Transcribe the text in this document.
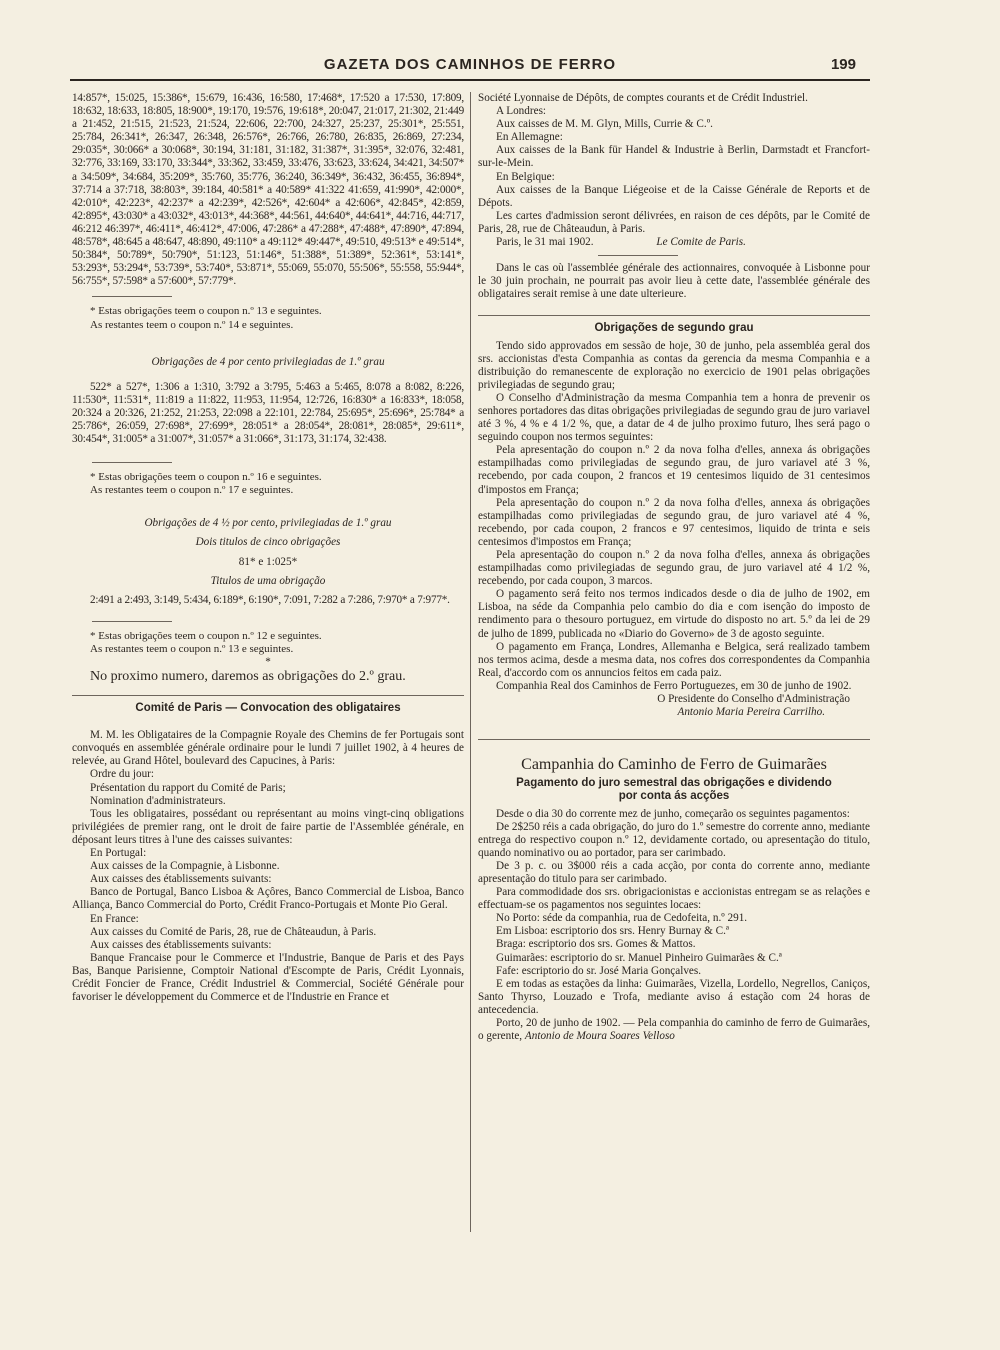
GAZETA DOS CAMINHOS DE FERRO	199

14:857*, 15:025, 15:386*, 15:679, 16:436, 16:580, 17:468*, 17:520 a 17:530, 17:809, 18:632, 18:633, 18:805, 18:900*, 19:170, 19:576, 19:618*, 20:047, 21:017, 21:302, 21:449 a 21:452, 21:515, 21:523, 21:524, 22:606, 22:700, 24:327, 25:237, 25:301*, 25:551, 25:784, 26:341*, 26:347, 26:348, 26:576*, 26:766, 26:780, 26:835, 26:869, 27:234, 29:035*, 30:066* a 30:068*, 30:194, 31:181, 31:182, 31:387*, 31:395*, 32:076, 32:481, 32:776, 33:169, 33:170, 33:344*, 33:362, 33:459, 33:476, 33:623, 33:624, 34:421, 34:507* a 34:509*, 34:684, 35:209*, 35:760, 35:776, 36:240, 36:349*, 36:432, 36:455, 36:894*, 37:714 a 37:718, 38:803*, 39:184, 40:581* a 40:589* 41:322 41:659, 41:990*, 42:000*, 42:010*, 42:223*, 42:237* a 42:239*, 42:526*, 42:604* a 42:606*, 42:845*, 42:859, 42:895*, 43:030* a 43:032*, 43:013*, 44:368*, 44:561, 44:640*, 44:641*, 44:716, 44:717, 46:212 46:397*, 46:411*, 46:412*, 47:006, 47:286* a 47:288*, 47:488*, 47:890*, 47:894, 48:578*, 48:645 a 48:647, 48:890, 49:110* a 49:112* 49:447*, 49:510, 49:513* e 49:514*, 50:384*, 50:789*, 50:790*, 51:123, 51:146*, 51:388*, 51:389*, 52:361*, 53:141*, 53:293*, 53:294*, 53:739*, 53:740*, 53:871*, 55:069, 55:070, 55:506*, 55:558, 55:944*, 56:755*, 57:598* a 57:600*, 57:779*.

* Estas obrigações teem o coupon n.º 13 e seguintes.

As restantes teem o coupon n.º 14 e seguintes.

Obrigações de 4 por cento privilegiadas de 1.º grau

522* a 527*, 1:306 a 1:310, 3:792 a 3:795, 5:463 a 5:465, 8:078 a 8:082, 8:226, 11:530*, 11:531*, 11:819 a 11:822, 11:953, 11:954, 12:726, 16:830* a 16:833*, 18:058, 20:324 a 20:326, 21:252, 21:253, 22:098 a 22:101, 22:784, 25:695*, 25:696*, 25:784* a 25:786*, 26:059, 27:698*, 27:699*, 28:051* a 28:054*, 28:081*, 28:085*, 29:611*, 30:454*, 31:005* a 31:007*, 31:057* a 31:066*, 31:173, 31:174, 32:438.

* Estas obrigações teem o coupon n.º 16 e seguintes.

As restantes teem o coupon n.º 17 e seguintes.

Obrigações de 4 ½ por cento, privilegiadas de 1.º grau

Dois titulos de cinco obrigações

81* e 1:025*

Titulos de uma obrigação

2:491 a 2:493, 3:149, 5:434, 6:189*, 6:190*, 7:091, 7:282 a 7:286, 7:970* a 7:977*.

* Estas obrigações teem o coupon n.º 12 e seguintes.

As restantes teem o coupon n.º 13 e seguintes.

*

No proximo numero, daremos as obrigações do 2.º grau.

Comité de Paris — Convocation des obligataires

M. M. les Obligataires de la Compagnie Royale des Chemins de fer Portugais sont convoqués en assemblée générale ordinaire pour le lundi 7 juillet 1902, à 4 heures de relevée, au Grand Hôtel, boulevard des Capucines, à Paris:

Ordre du jour:

Présentation du rapport du Comité de Paris;

Nomination d'administrateurs.

Tous les obligataires, possédant ou représentant au moins vingt-cinq obligations privilégiées de premier rang, ont le droit de faire partie de l'Assemblée générale, en déposant leurs titres à l'une des caisses suivantes:

En Portugal:

Aux caisses de la Compagnie, à Lisbonne.

Aux caisses des établissements suivants:

Banco de Portugal, Banco Lisboa & Açôres, Banco Commercial de Lisboa, Banco Alliança, Banco Commercial do Porto, Crédit Franco-Portugais et Monte Pio Geral.

En France:

Aux caisses du Comité de Paris, 28, rue de Châteaudun, à Paris.

Aux caisses des établissements suivants:

Banque Francaise pour le Commerce et l'Industrie, Banque de Paris et des Pays Bas, Banque Parisienne, Comptoir National d'Escompte de Paris, Crédit Lyonnais, Crédit Foncier de France, Crédit Industriel & Commercial, Société Générale pour favoriser le développement du Commerce et de l'Industrie en France et

Société Lyonnaise de Dépôts, de comptes courants et de Crédit Industriel.

A Londres:

Aux caisses de M. M. Glyn, Mills, Currie & C.º.

En Allemagne:

Aux caisses de la Bank für Handel & Industrie à Berlin, Darmstadt et Francfort-sur-le-Mein.

En Belgique:

Aux caisses de la Banque Liégeoise et de la Caisse Générale de Reports et de Dépots.

Les cartes d'admission seront délivrées, en raison de ces dépôts, par le Comité de Paris, 28, rue de Châteaudun, à Paris.

Paris, le 31 mai 1902.	Le Comite de Paris.

Dans le cas où l'assemblée générale des actionnaires, convoquée à Lisbonne pour le 30 juin prochain, ne pourrait pas avoir lieu à cette date, l'assemblée générale des obligataires serait remise à une date ulterieure.

Obrigações de segundo grau

Tendo sido approvados em sessão de hoje, 30 de junho, pela assembléa geral dos srs. accionistas d'esta Companhia as contas da gerencia da mesma Companhia e a distribuição do remanescente de exploração no exercicio de 1901 pelas obrigações privilegiadas de segundo grau;

O Conselho d'Administração da mesma Companhia tem a honra de prevenir os senhores portadores das ditas obrigações privilegiadas de segundo grau de juro variavel até 3 %, 4 % e 4 1/2 %, que, a datar de 4 de julho proximo futuro, lhes será pago o seguindo coupon nos termos seguintes:

Pela apresentação do coupon n.º 2 da nova folha d'elles, annexa ás obrigações estampilhadas como privilegiadas de segundo grau, de juro variavel até 3 %, recebendo, por cada coupon, 2 francos et 19 centesimos liquido de 31 centesimos d'impostos em França;

Pela apresentação do coupon n.º 2 da nova folha d'elles, annexa ás obrigações estampilhadas como privilegiadas de segundo grau, de juro variavel até 4 %, recebendo, por cada coupon, 2 francos e 97 centesimos, liquido de trinta e seis centesimos d'impostos em França;

Pela apresentação do coupon n.º 2 da nova folha d'elles, annexa ás obrigações estampilhadas como privilegiadas de segundo grau, de juro variavel até 4 1/2 %, recebendo, por cada coupon, 3 marcos.

O pagamento será feito nos termos indicados desde o dia de julho de 1902, em Lisboa, na séde da Companhia pelo cambio do dia e com isenção do imposto de rendimento para o thesouro portuguez, em virtude do disposto no art. 5.º da lei de 29 de julho de 1899, publicada no «Diario do Governo» de 3 de agosto seguinte.

O pagamento em França, Londres, Allemanha e Belgica, será realizado tambem nos termos acima, desde a mesma data, nos cofres dos correspondentes da Companhia Real, d'accordo com os annuncios feitos em cada paiz.

Companhia Real dos Caminhos de Ferro Portuguezes, em 30 de junho de 1902.

O Presidente do Conselho d'Administração

Antonio Maria Pereira Carrilho.

Campanhia do Caminho de Ferro de Guimarães

Pagamento do juro semestral das obrigações e dividendo por conta ás acções

Desde o dia 30 do corrente mez de junho, começarão os seguintes pagamentos:

De 2$250 réis a cada obrigação, do juro do 1.º semestre do corrente anno, mediante entrega do respectivo coupon n.º 12, devidamente cortado, ou apresentação do titulo, quando nominativo ou ao portador, para ser carimbado.

De 3 p. c. ou 3$000 réis a cada acção, por conta do corrente anno, mediante apresentação do titulo para ser carimbado.

Para commodidade dos srs. obrigacionistas e accionistas entregam se as relações e effectuam-se os pagamentos nos seguintes locaes:

No Porto: séde da companhia, rua de Cedofeita, n.º 291.

Em Lisboa: escriptorio dos srs. Henry Burnay & C.ª

Braga: escriptorio dos srs. Gomes & Mattos.

Guimarães: escriptorio do sr. Manuel Pinheiro Guimarães & C.ª

Fafe: escriptorio do sr. José Maria Gonçalves.

E em todas as estações da linha: Guimarães, Vizella, Lordello, Negrellos, Caniços, Santo Thyrso, Louzado e Trofa, mediante aviso á estação com 24 horas de antecedencia.

Porto, 20 de junho de 1902. — Pela companhia do caminho de ferro de Guimarães, o gerente, Antonio de Moura Soares Velloso
